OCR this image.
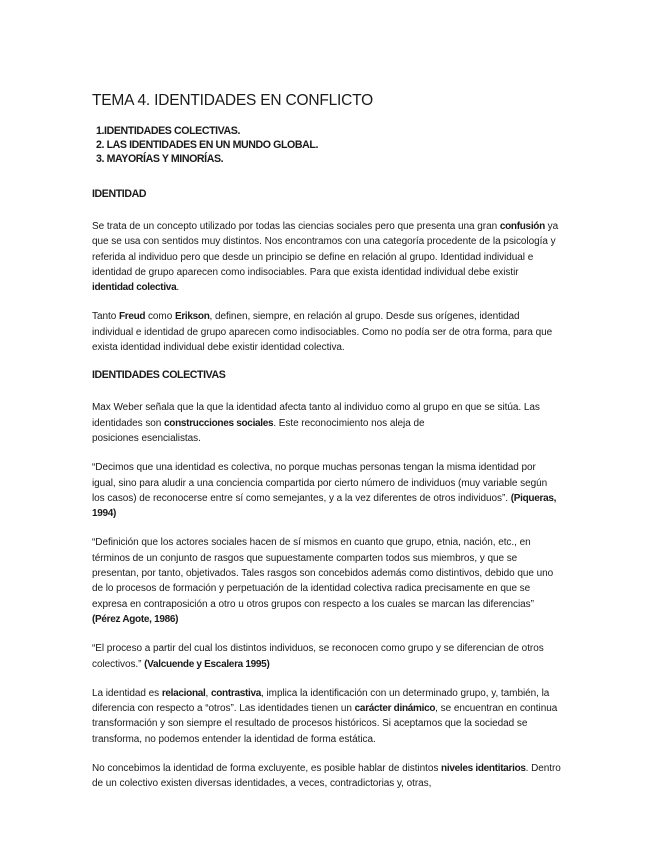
TEMA 4. IDENTIDADES EN CONFLICTO
1.IDENTIDADES COLECTIVAS.
2. LAS IDENTIDADES EN UN MUNDO GLOBAL.
3. MAYORÍAS Y MINORÍAS.
IDENTIDAD

Se trata de un concepto utilizado por todas las ciencias sociales pero que presenta una gran confusión ya que se usa con sentidos muy distintos. Nos encontramos con una categoría procedente de la psicología y referida al individuo pero que desde un principio se define en relación al grupo. Identidad individual e identidad de grupo aparecen como indisociables. Para que exista identidad individual debe existir identidad colectiva.

Tanto Freud como Erikson, definen, siempre, en relación al grupo. Desde sus orígenes, identidad individual e identidad de grupo aparecen como indisociables. Como no podía ser de otra forma, para que exista identidad individual debe existir identidad colectiva.

IDENTIDADES COLECTIVAS

Max Weber señala que la que la identidad afecta tanto al individuo como al grupo en que se sitúa. Las identidades son construcciones sociales. Este reconocimiento nos aleja de
posiciones esencialistas.

“Decimos que una identidad es colectiva, no porque muchas personas tengan la misma identidad por igual, sino para aludir a una conciencia compartida por cierto número de individuos (muy variable según los casos) de reconocerse entre sí como semejantes, y a la vez diferentes de otros individuos”. (Piqueras, 1994)

“Definición que los actores sociales hacen de sí mismos en cuanto que grupo, etnia, nación, etc., en términos de un conjunto de rasgos que supuestamente comparten todos sus miembros, y que se presentan, por tanto, objetivados. Tales rasgos son concebidos además como distintivos, debido que uno de lo procesos de formación y perpetuación de la identidad colectiva radica precisamente en que se expresa en contraposición a otro u otros grupos con respecto a los cuales se marcan las diferencias” (Pérez Agote, 1986)

“El proceso a partir del cual los distintos individuos, se reconocen como grupo y se diferencian de otros colectivos.” (Valcuende y Escalera 1995)

La identidad es relacional, contrastiva, implica la identificación con un determinado grupo, y, también, la diferencia con respecto a “otros”. Las identidades tienen un carácter dinámico, se encuentran en continua transformación y son siempre el resultado de procesos históricos. Si aceptamos que la sociedad se transforma, no podemos entender la identidad de forma estática.

No concebimos la identidad de forma excluyente, es posible hablar de distintos niveles identitarios. Dentro de un colectivo existen diversas identidades, a veces, contradictorias y, otras,
